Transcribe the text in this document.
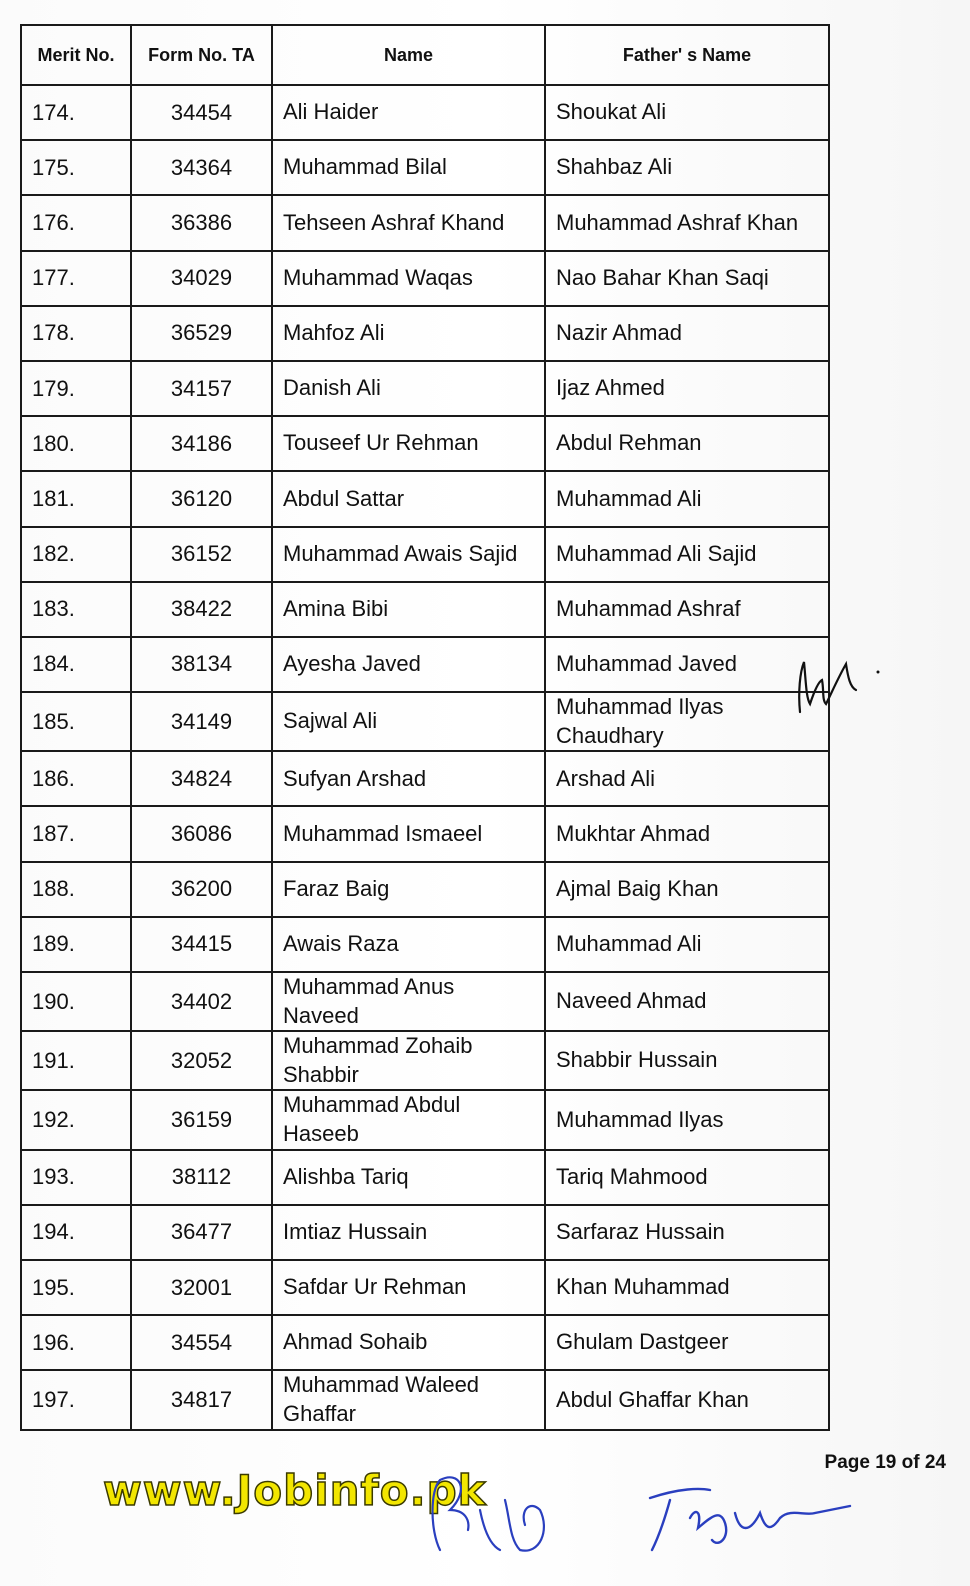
Merit No.	Form No. TA	Name	Father' s Name
174.	34454	Ali Haider	Shoukat Ali
175.	34364	Muhammad Bilal	Shahbaz Ali
176.	36386	Tehseen Ashraf Khand	Muhammad Ashraf Khan
177.	34029	Muhammad Waqas	Nao Bahar Khan Saqi
178.	36529	Mahfoz Ali	Nazir Ahmad
179.	34157	Danish Ali	Ijaz Ahmed
180.	34186	Touseef Ur Rehman	Abdul Rehman
181.	36120	Abdul Sattar	Muhammad Ali
182.	36152	Muhammad Awais Sajid	Muhammad Ali Sajid
183.	38422	Amina Bibi	Muhammad Ashraf
184.	38134	Ayesha Javed	Muhammad Javed
185.	34149	Sajwal Ali	Muhammad Ilyas Chaudhary
186.	34824	Sufyan Arshad	Arshad Ali
187.	36086	Muhammad Ismaeel	Mukhtar Ahmad
188.	36200	Faraz Baig	Ajmal Baig Khan
189.	34415	Awais Raza	Muhammad Ali
190.	34402	Muhammad Anus Naveed	Naveed Ahmad
191.	32052	Muhammad Zohaib Shabbir	Shabbir Hussain
192.	36159	Muhammad Abdul Haseeb	Muhammad Ilyas
193.	38112	Alishba Tariq	Tariq Mahmood
194.	36477	Imtiaz Hussain	Sarfaraz Hussain
195.	32001	Safdar Ur Rehman	Khan Muhammad
196.	34554	Ahmad Sohaib	Ghulam Dastgeer
197.	34817	Muhammad Waleed Ghaffar	Abdul Ghaffar Khan
Page 19 of 24
www.Jobinfo.pk
